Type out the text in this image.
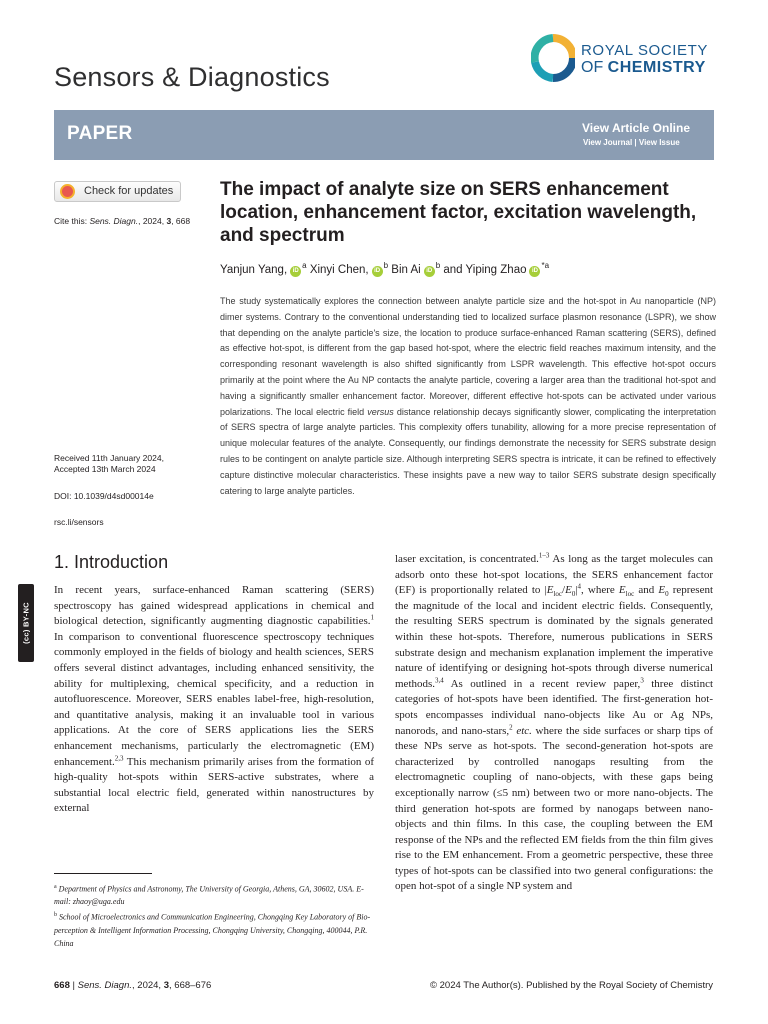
Sensors & Diagnostics
ROYAL SOCIETY
OF CHEMISTRY
PAPER	View Article Online
View Journal | View Issue
Check for updates
Cite this: Sens. Diagn., 2024, 3, 668
Received 11th January 2024,
Accepted 13th March 2024
DOI: 10.1039/d4sd00014e
rsc.li/sensors
(cc) BY-NC
The impact of analyte size on SERS enhancement location, enhancement factor, excitation wavelength, and spectrum
Yanjun Yang, $iD^a$ Xinyi Chen, $iD^b$ Bin Ai $iD^b$ and Yiping Zhao $iD^{*a}$
The study systematically explores the connection between analyte particle size and the hot-spot in Au nanoparticle (NP) dimer systems. Contrary to the conventional understanding tied to localized surface plasmon resonance (LSPR), we show that depending on the analyte particle's size, the location to produce surface-enhanced Raman scattering (SERS), defined as effective hot-spot, is different from the gap based hot-spot, where the electric field reaches maximum intensity, and the corresponding resonant wavelength is also shifted significantly from LSPR wavelength. This effective hot-spot occurs primarily at the point where the Au NP contacts the analyte particle, covering a larger area than the traditional hot-spot and having a significantly smaller enhancement factor. Moreover, different effective hot-spots can be activated under various polarizations. The local electric field versus distance relationship decays significantly slower, complicating the interpretation of SERS spectra of large analyte particles. This complexity offers tunability, allowing for a more precise representation of unique molecular features of the analyte. Consequently, our findings demonstrate the necessity for SERS substrate design rules to be contingent on analyte particle size. Although interpreting SERS spectra is intricate, it can be refined to effectively capture distinctive molecular characteristics. These insights pave a new way to tailor SERS substrate design specifically catering to large analyte particles.
1. Introduction
In recent years, surface-enhanced Raman scattering (SERS) spectroscopy has gained widespread applications in chemical and biological detection, significantly augmenting diagnostic capabilities.$^1$ In comparison to conventional fluorescence spectroscopy techniques commonly employed in the fields of biology and health sciences, SERS offers several distinct advantages, including enhanced sensitivity, the ability for multiplexing, chemical specificity, and a reduction in autofluorescence. Moreover, SERS enables label-free, high-resolution, and quantitative analysis, making it an invaluable tool in various applications. At the core of SERS applications lies the SERS enhancement mechanisms, particularly the electromagnetic (EM) enhancement.$^{2,3}$ This mechanism primarily arises from the formation of high-quality hot-spots within SERS-active substrates, where a substantial local electric field, generated within nanostructures by external
laser excitation, is concentrated.$^{1-3}$ As long as the target molecules can adsorb onto these hot-spot locations, the SERS enhancement factor (EF) is proportionally related to $|E_{loc}/E_0|^4$, where $E_{loc}$ and $E_0$ represent the magnitude of the local and incident electric fields. Consequently, the resulting SERS spectrum is dominated by the signals generated within these hot-spots. Therefore, numerous publications in SERS substrate design and mechanism explanation implement the imperative nature of identifying or designing hot-spots through diverse numerical methods.$^{3,4}$ As outlined in a recent review paper,$^3$ three distinct categories of hot-spots have been identified. The first-generation hot-spots encompasses individual nano-objects like Au or Ag NPs, nanorods, and nano-stars,$^2$ etc. where the side surfaces or sharp tips of these NPs serve as hot-spots. The second-generation hot-spots are characterized by controlled nanogaps resulting from the electromagnetic coupling of nano-objects, with these gaps being exceptionally narrow (≤5 nm) between two or more nano-objects. The third generation hot-spots are formed by nanogaps between nano-objects and thin films. In this case, the coupling between the EM response of the NPs and the reflected EM fields from the thin film gives rise to the EM enhancement. From a geometric perspective, these three types of hot-spots can be classified into two general configurations: the open hot-spot of a single NP system and
$^a$ Department of Physics and Astronomy, The University of Georgia, Athens, GA, 30602, USA. E-mail: zhaoy@uga.edu
$^b$ School of Microelectronics and Communication Engineering, Chongqing Key Laboratory of Bio-perception & Intelligent Information Processing, Chongqing University, Chongqing, 400044, P.R. China
668 | Sens. Diagn., 2024, 3, 668–676	© 2024 The Author(s). Published by the Royal Society of Chemistry
